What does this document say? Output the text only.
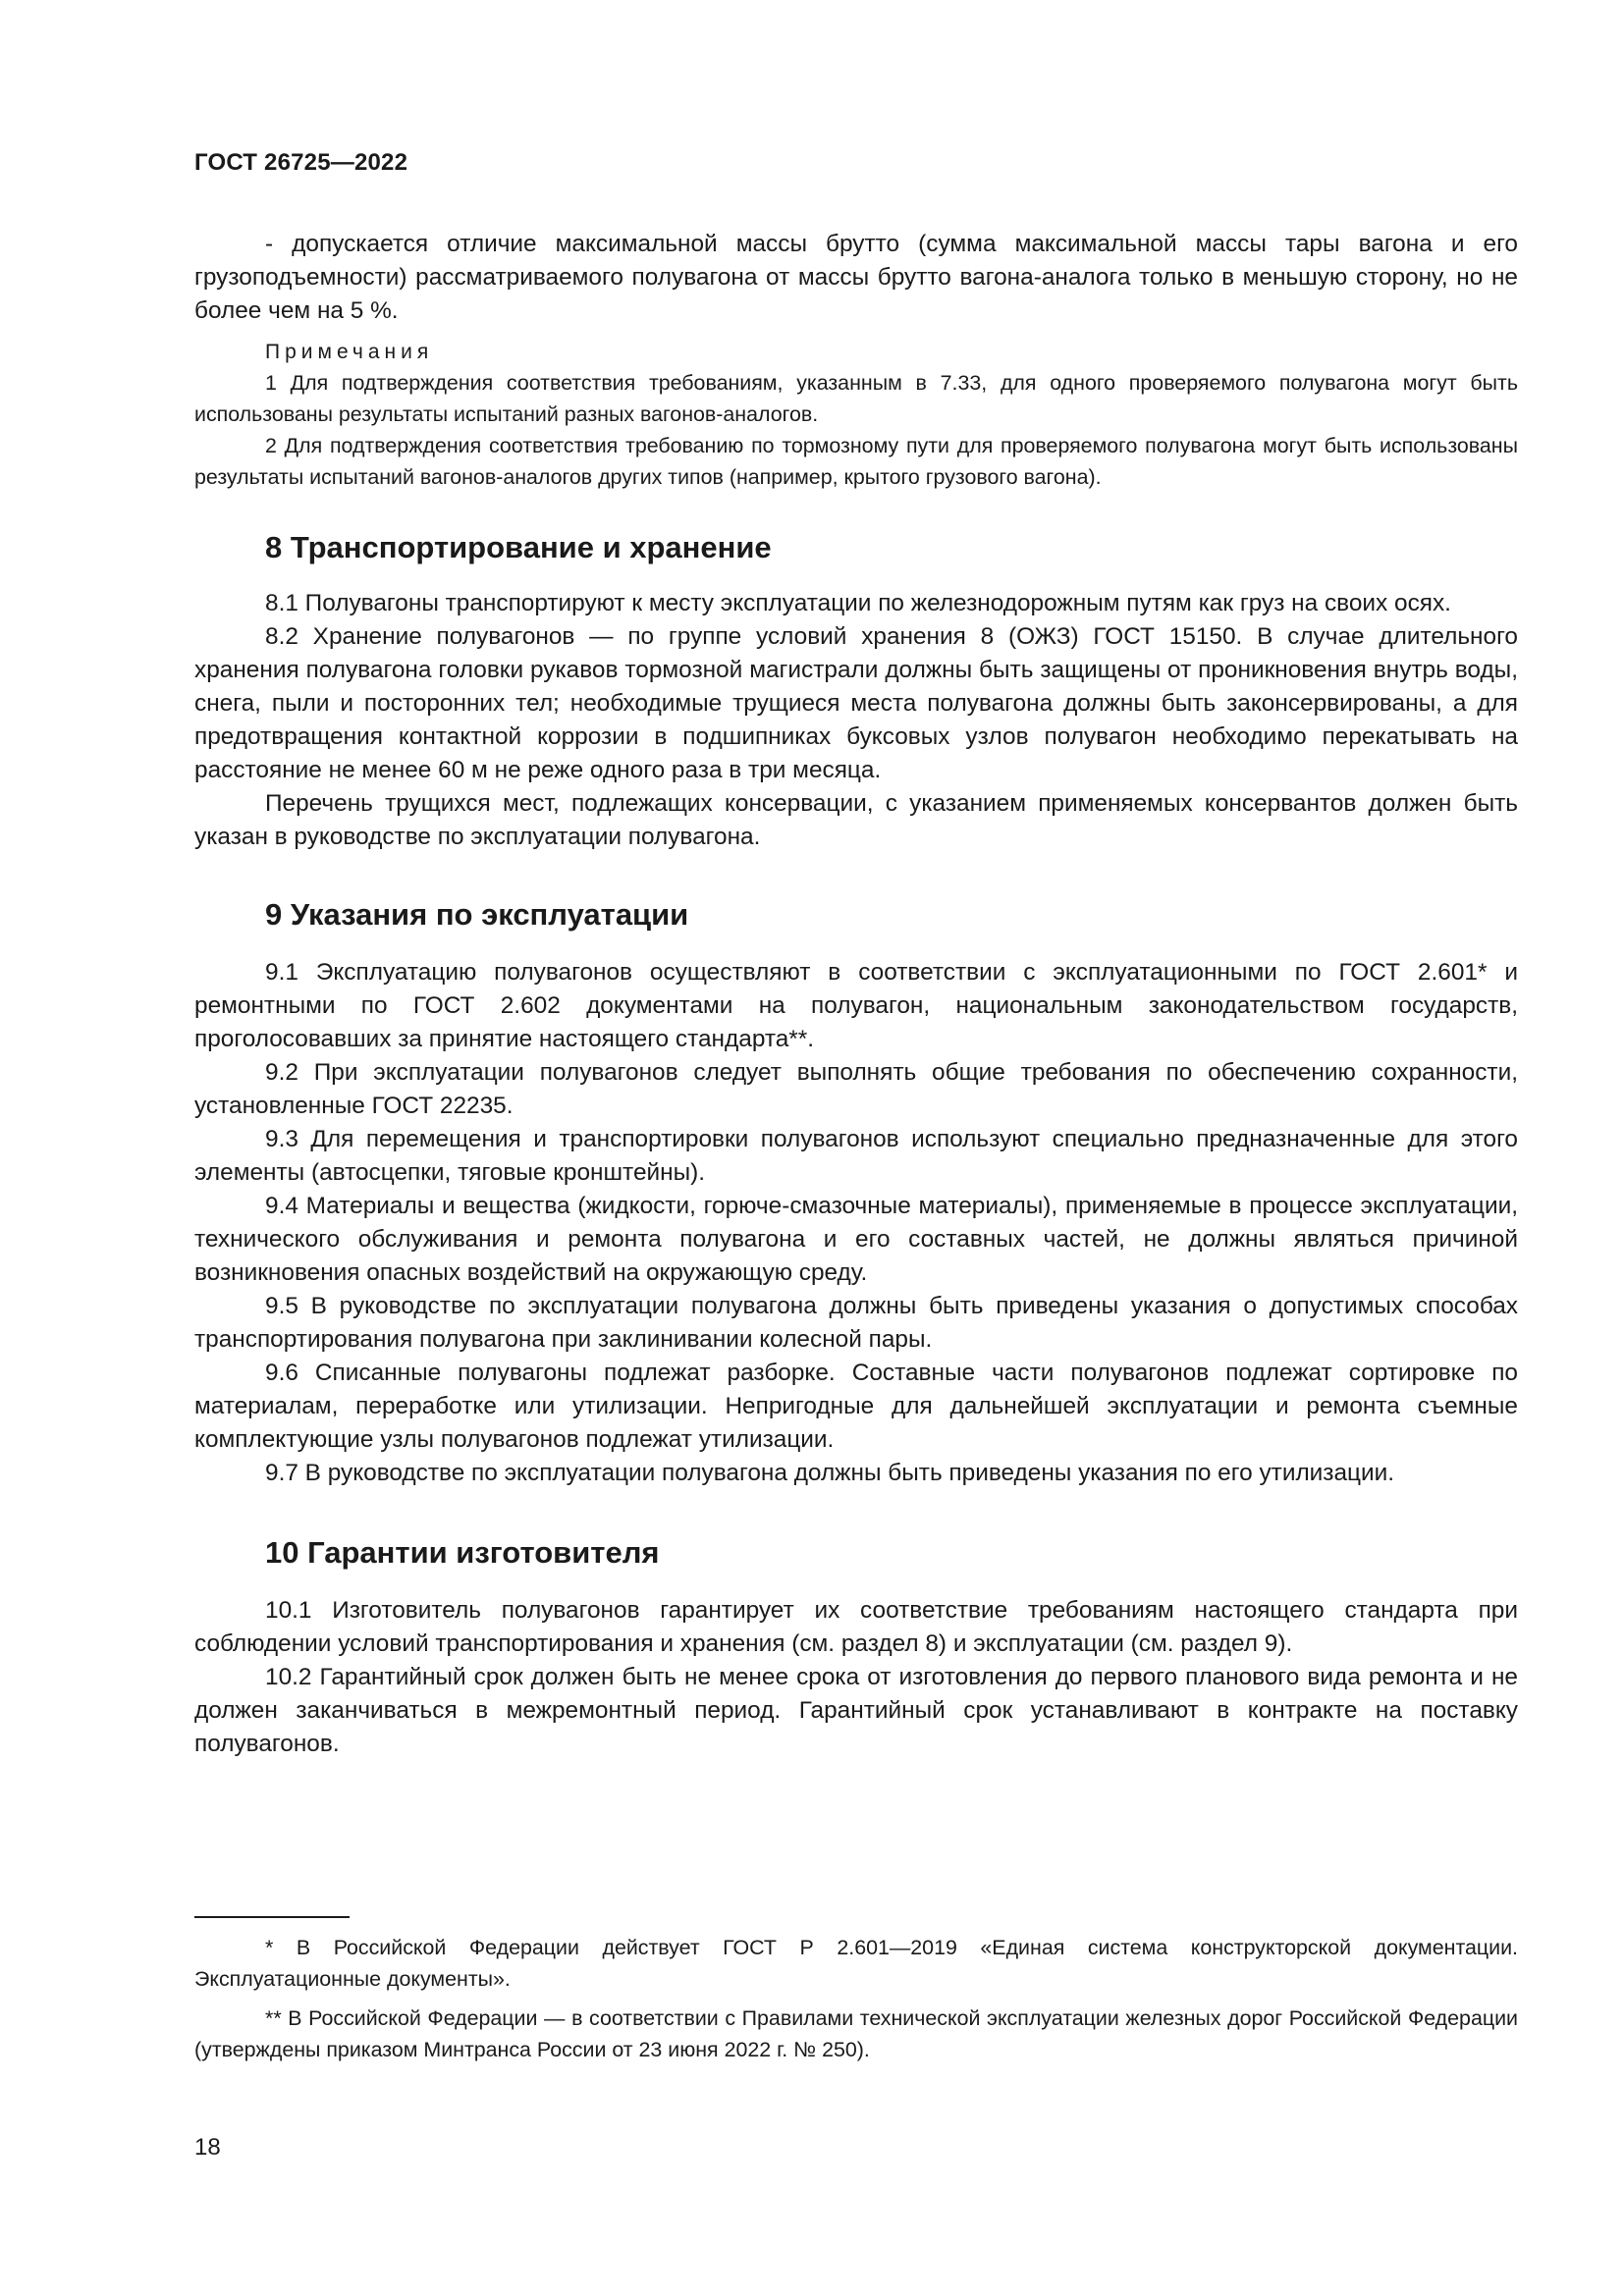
ГОСТ 26725—2022

- допускается отличие максимальной массы брутто (сумма максимальной массы тары вагона и его грузоподъемности) рассматриваемого полувагона от массы брутто вагона-аналога только в меньшую сторону, но не более чем на 5 %.

Примечания

1 Для подтверждения соответствия требованиям, указанным в 7.33, для одного проверяемого полувагона могут быть использованы результаты испытаний разных вагонов-аналогов.

2 Для подтверждения соответствия требованию по тормозному пути для проверяемого полувагона могут быть использованы результаты испытаний вагонов-аналогов других типов (например, крытого грузового вагона).

8 Транспортирование и хранение

8.1 Полувагоны транспортируют к месту эксплуатации по железнодорожным путям как груз на своих осях.

8.2 Хранение полувагонов — по группе условий хранения 8 (ОЖЗ) ГОСТ 15150. В случае длительного хранения полувагона головки рукавов тормозной магистрали должны быть защищены от проникновения внутрь воды, снега, пыли и посторонних тел; необходимые трущиеся места полувагона должны быть законсервированы, а для предотвращения контактной коррозии в подшипниках буксовых узлов полувагон необходимо перекатывать на расстояние не менее 60 м не реже одного раза в три месяца.

Перечень трущихся мест, подлежащих консервации, с указанием применяемых консервантов должен быть указан в руководстве по эксплуатации полувагона.

9 Указания по эксплуатации

9.1 Эксплуатацию полувагонов осуществляют в соответствии с эксплуатационными по ГОСТ 2.601* и ремонтными по ГОСТ 2.602 документами на полувагон, национальным законодательством государств, проголосовавших за принятие настоящего стандарта**.

9.2 При эксплуатации полувагонов следует выполнять общие требования по обеспечению сохранности, установленные ГОСТ 22235.

9.3 Для перемещения и транспортировки полувагонов используют специально предназначенные для этого элементы (автосцепки, тяговые кронштейны).

9.4 Материалы и вещества (жидкости, горюче-смазочные материалы), применяемые в процессе эксплуатации, технического обслуживания и ремонта полувагона и его составных частей, не должны являться причиной возникновения опасных воздействий на окружающую среду.

9.5 В руководстве по эксплуатации полувагона должны быть приведены указания о допустимых способах транспортирования полувагона при заклинивании колесной пары.

9.6 Списанные полувагоны подлежат разборке. Составные части полувагонов подлежат сортировке по материалам, переработке или утилизации. Непригодные для дальнейшей эксплуатации и ремонта съемные комплектующие узлы полувагонов подлежат утилизации.

9.7 В руководстве по эксплуатации полувагона должны быть приведены указания по его утилизации.

10 Гарантии изготовителя

10.1 Изготовитель полувагонов гарантирует их соответствие требованиям настоящего стандарта при соблюдении условий транспортирования и хранения (см. раздел 8) и эксплуатации (см. раздел 9).

10.2 Гарантийный срок должен быть не менее срока от изготовления до первого планового вида ремонта и не должен заканчиваться в межремонтный период. Гарантийный срок устанавливают в контракте на поставку полувагонов.

* В Российской Федерации действует ГОСТ Р 2.601—2019 «Единая система конструкторской документации. Эксплуатационные документы».

** В Российской Федерации — в соответствии с Правилами технической эксплуатации железных дорог Российской Федерации (утверждены приказом Минтранса России от 23 июня 2022 г. № 250).

18
